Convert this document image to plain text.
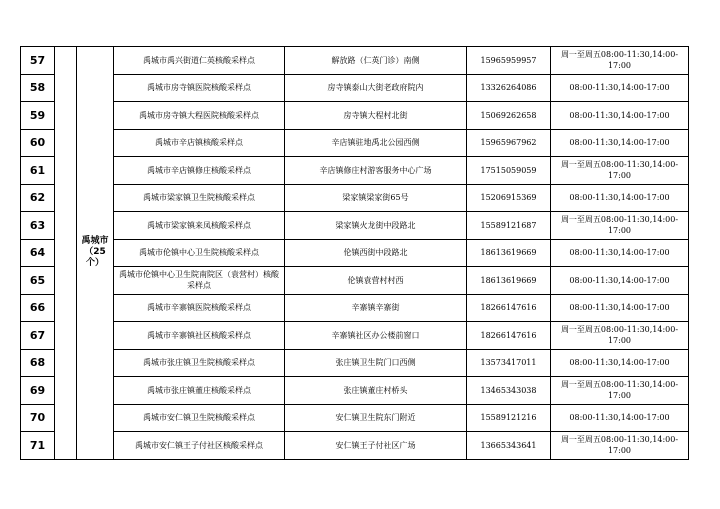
57		禹城市（25个）	禹城市禹兴街道仁英核酸采样点	解放路（仁英门诊）南侧	15965959957	周一至周五08:00-11:30,14:00-17:00
58			禹城市房寺镇医院核酸采样点	房寺镇泰山大街老政府院内	13326264086	08:00-11:30,14:00-17:00
59			禹城市房寺镇大程医院核酸采样点	房寺镇大程村北街	15069262658	08:00-11:30,14:00-17:00
60			禹城市辛店镇核酸采样点	辛店镇驻地禹北公园西侧	15965967962	08:00-11:30,14:00-17:00
61			禹城市辛店镇修庄核酸采样点	辛店镇修庄村游客服务中心广场	17515059059	周一至周五08:00-11:30,14:00-17:00
62			禹城市梁家镇卫生院核酸采样点	梁家镇梁家街65号	15206915369	08:00-11:30,14:00-17:00
63			禹城市梁家镇来凤核酸采样点	梁家镇火龙街中段路北	15589121687	周一至周五08:00-11:30,14:00-17:00
64			禹城市伦镇中心卫生院核酸采样点	伦镇西街中段路北	18613619669	08:00-11:30,14:00-17:00
65			禹城市伦镇中心卫生院南院区（袁营村）核酸采样点	伦镇袁营村村西	18613619669	08:00-11:30,14:00-17:00
66			禹城市辛寨镇医院核酸采样点	辛寨镇辛寨街	18266147616	08:00-11:30,14:00-17:00
67			禹城市辛寨镇社区核酸采样点	辛寨镇社区办公楼前窗口	18266147616	周一至周五08:00-11:30,14:00-17:00
68			禹城市张庄镇卫生院核酸采样点	张庄镇卫生院门口西侧	13573417011	08:00-11:30,14:00-17:00
69			禹城市张庄镇董庄核酸采样点	张庄镇董庄村桥头	13465343038	周一至周五08:00-11:30,14:00-17:00
70			禹城市安仁镇卫生院核酸采样点	安仁镇卫生院东门附近	15589121216	08:00-11:30,14:00-17:00
71			禹城市安仁镇王子付社区核酸采样点	安仁镇王子付社区广场	13665343641	周一至周五08:00-11:30,14:00-17:00
